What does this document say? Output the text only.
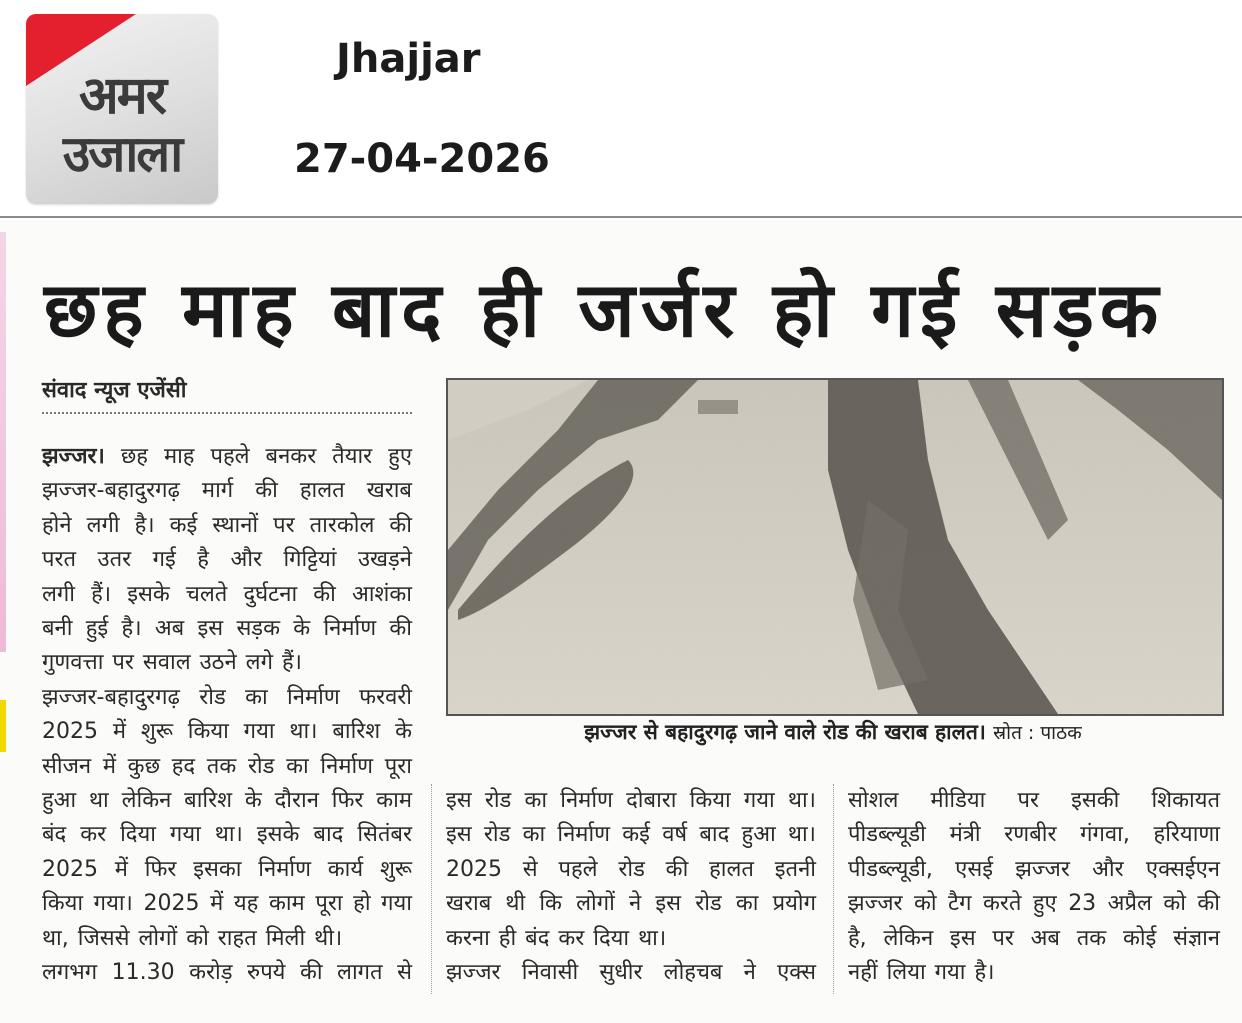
अमर
उजाला
Jhajjar
27-04-2026
छह माह बाद ही जर्जर हो गई सड़क
संवाद न्यूज एजेंसी

झज्जर। छह माह पहले बनकर तैयार हुए

झज्जर-बहादुरगढ़ मार्ग की हालत खराब

होने लगी है। कई स्थानों पर तारकोल की

परत उतर गई है और गिट्टियां उखड़ने

लगी हैं। इसके चलते दुर्घटना की आशंका

बनी हुई है। अब इस सड़क के निर्माण की

गुणवत्ता पर सवाल उठने लगे हैं।

झज्जर-बहादुरगढ़ रोड का निर्माण फरवरी

2025 में शुरू किया गया था। बारिश के

सीजन में कुछ हद तक रोड का निर्माण पूरा

हुआ था लेकिन बारिश के दौरान फिर काम

बंद कर दिया गया था। इसके बाद सितंबर

2025 में फिर इसका निर्माण कार्य शुरू

किया गया। 2025 में यह काम पूरा हो गया

था, जिससे लोगों को राहत मिली थी।

लगभग 11.30 करोड़ रुपये की लागत से

झज्जर से बहादुरगढ़ जाने वाले रोड की खराब हालत। स्रोत : पाठक

इस रोड का निर्माण दोबारा किया गया था।

इस रोड का निर्माण कई वर्ष बाद हुआ था।

2025 से पहले रोड की हालत इतनी

खराब थी कि लोगों ने इस रोड का प्रयोग

करना ही बंद कर दिया था।

झज्जर निवासी सुधीर लोहचब ने एक्स

सोशल मीडिया पर इसकी शिकायत

पीडब्ल्यूडी मंत्री रणबीर गंगवा, हरियाणा

पीडब्ल्यूडी, एसई झज्जर और एक्सईएन

झज्जर को टैग करते हुए 23 अप्रैल को की

है, लेकिन इस पर अब तक कोई संज्ञान

नहीं लिया गया है।
